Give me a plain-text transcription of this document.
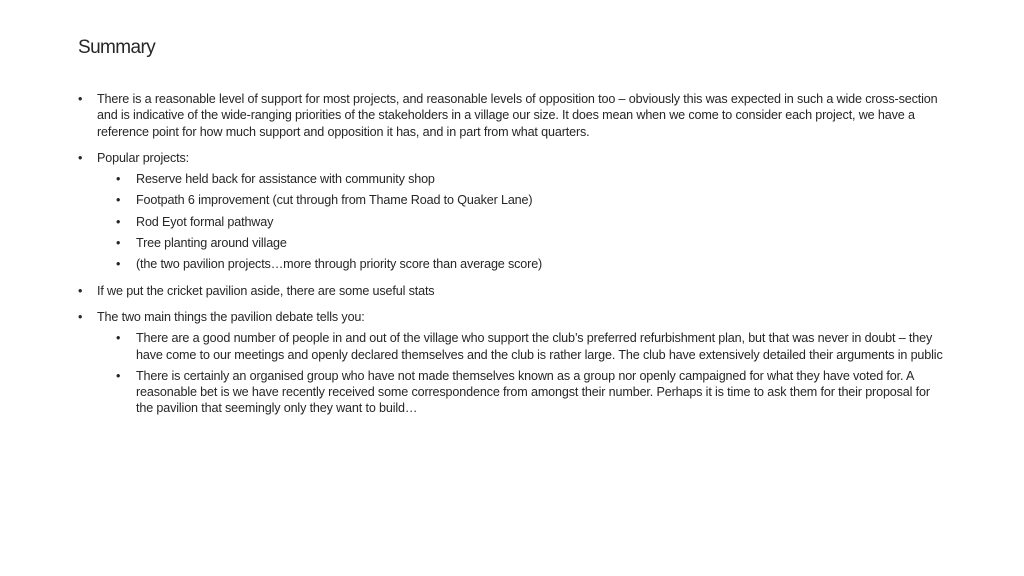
Summary
• There is a reasonable level of support for most projects, and reasonable levels of opposition too – obviously this was expected in such a wide cross-section and is indicative of the wide-ranging priorities of the stakeholders in a village our size. It does mean when we come to consider each project, we have a reference point for how much support and opposition it has, and in part from what quarters.
• Popular projects:
• Reserve held back for assistance with community shop
• Footpath 6 improvement (cut through from Thame Road to Quaker Lane)
• Rod Eyot formal pathway
• Tree planting around village
• (the two pavilion projects…more through priority score than average score)
• If we put the cricket pavilion aside, there are some useful stats
• The two main things the pavilion debate tells you:
• There are a good number of people in and out of the village who support the club’s preferred refurbishment plan, but that was never in doubt – they have come to our meetings and openly declared themselves and the club is rather large. The club have extensively detailed their arguments in public
• There is certainly an organised group who have not made themselves known as a group nor openly campaigned for what they have voted for. A reasonable bet is we have recently received some correspondence from amongst their number. Perhaps it is time to ask them for their proposal for the pavilion that seemingly only they want to build…
